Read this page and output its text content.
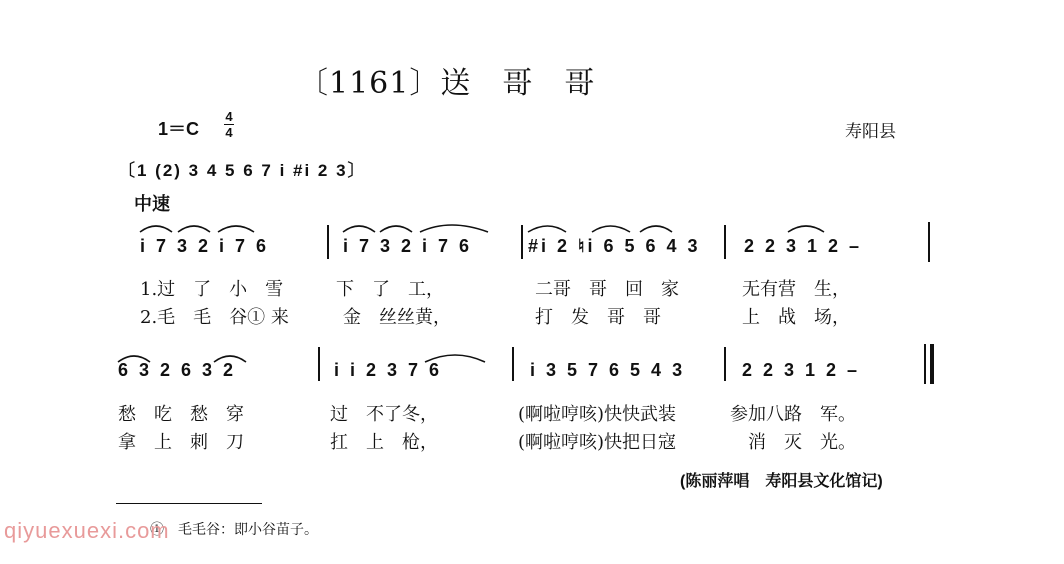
〔1161〕送　哥　哥
1＝C
4
4	寿阳县
〔1 (2) 3 4 5 6 7 i #i 2 3〕
中速
i 7 3 2 i 7 6	i 7 3 2 i 7 6	#i 2 ♮i 6 5 6 4 3 2 2 3 1 2 –
1.过　了　小　雪	下　了　工，	二哥　哥　回　家	无有营　生，
2.毛　毛　谷① 来	金　丝丝黄，	打　发　哥　哥	上　战　场，
6 3 2 6 3 2	i i 2 3 7 6	i 3 5 7 6 5 4 3	2 2 3 1 2 –
愁　吃　愁　穿	过　不了冬，	(啊啦哼咳)快快武装	参加八路　军。
拿　上　刺　刀	扛　上　枪，	(啊啦哼咳)快把日寇	消　灭　光。
(陈丽萍唱　寿阳县文化馆记)
①　毛毛谷：即小谷苗子。
qiyuexuexi.com
